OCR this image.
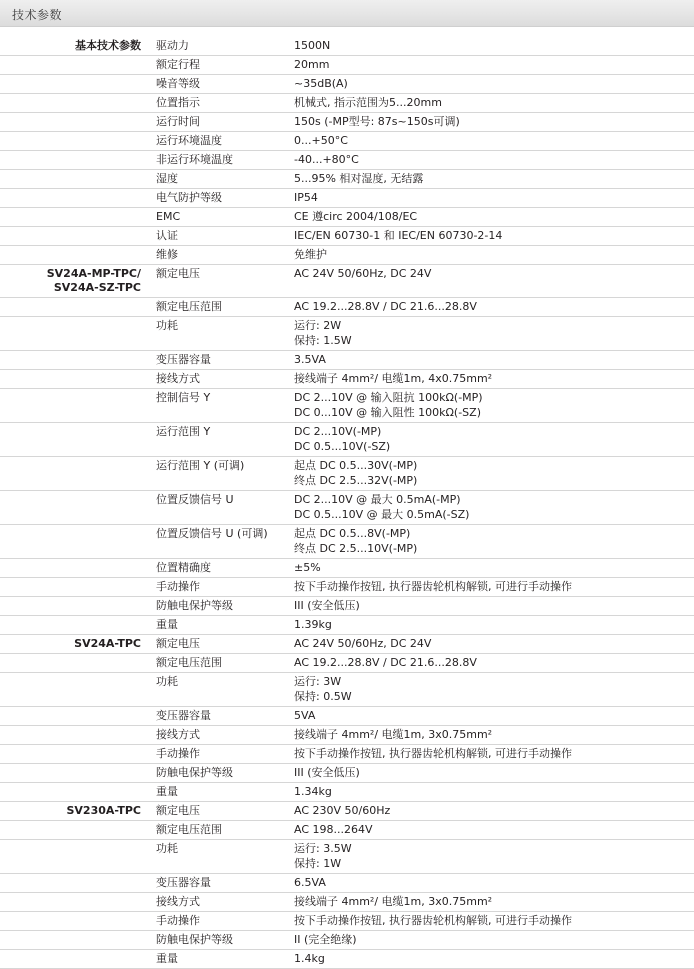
技术参数
基本技术参数	驱动力	1500N

	额定行程	20mm

	噪音等级	~35dB(A)

	位置指示	机械式, 指示范围为5...20mm

	运行时间	150s (-MP型号: 87s~150s可调)

	运行环境温度	0...+50°C

	非运行环境温度	-40...+80°C

	湿度	5...95% 相对湿度, 无结露

	电气防护等级	IP54

	EMC	CE 遵circ 2004/108/EC

	认证	IEC/EN 60730-1 和 IEC/EN 60730-2-14

	维修	免维护

SV24A-MP-TPC/
SV24A-SZ-TPC	额定电压	AC 24V 50/60Hz, DC 24V

	额定电压范围	AC 19.2...28.8V / DC 21.6...28.8V

	功耗	运行: 2W
保持: 1.5W

	变压器容量	3.5VA

	接线方式	接线端子 4mm²/ 电缆1m, 4x0.75mm²

	控制信号 Y	DC 2...10V @ 输入阻抗 100kΩ(-MP)
DC 0...10V @ 输入阻性 100kΩ(-SZ)

	运行范围 Y	DC 2...10V(-MP)
DC 0.5...10V(-SZ)

	运行范围 Y (可调)	起点 DC 0.5...30V(-MP)
终点 DC 2.5...32V(-MP)

	位置反馈信号 U	DC 2...10V @ 最大 0.5mA(-MP)
DC 0.5...10V @ 最大 0.5mA(-SZ)

	位置反馈信号 U (可调)	起点 DC 0.5...8V(-MP)
终点 DC 2.5...10V(-MP)

	位置精确度	±5%

	手动操作	按下手动操作按钮, 执行器齿轮机构解锁, 可进行手动操作

	防触电保护等级	III (安全低压)

	重量	1.39kg

SV24A-TPC	额定电压	AC 24V 50/60Hz, DC 24V

	额定电压范围	AC 19.2...28.8V / DC 21.6...28.8V

	功耗	运行: 3W
保持: 0.5W

	变压器容量	5VA

	接线方式	接线端子 4mm²/ 电缆1m, 3x0.75mm²

	手动操作	按下手动操作按钮, 执行器齿轮机构解锁, 可进行手动操作

	防触电保护等级	III (安全低压)

	重量	1.34kg

SV230A-TPC	额定电压	AC 230V 50/60Hz

	额定电压范围	AC 198...264V

	功耗	运行: 3.5W
保持: 1W

	变压器容量	6.5VA

	接线方式	接线端子 4mm²/ 电缆1m, 3x0.75mm²

	手动操作	按下手动操作按钮, 执行器齿轮机构解锁, 可进行手动操作

	防触电保护等级	II (完全绝缘)

	重量	1.4kg
